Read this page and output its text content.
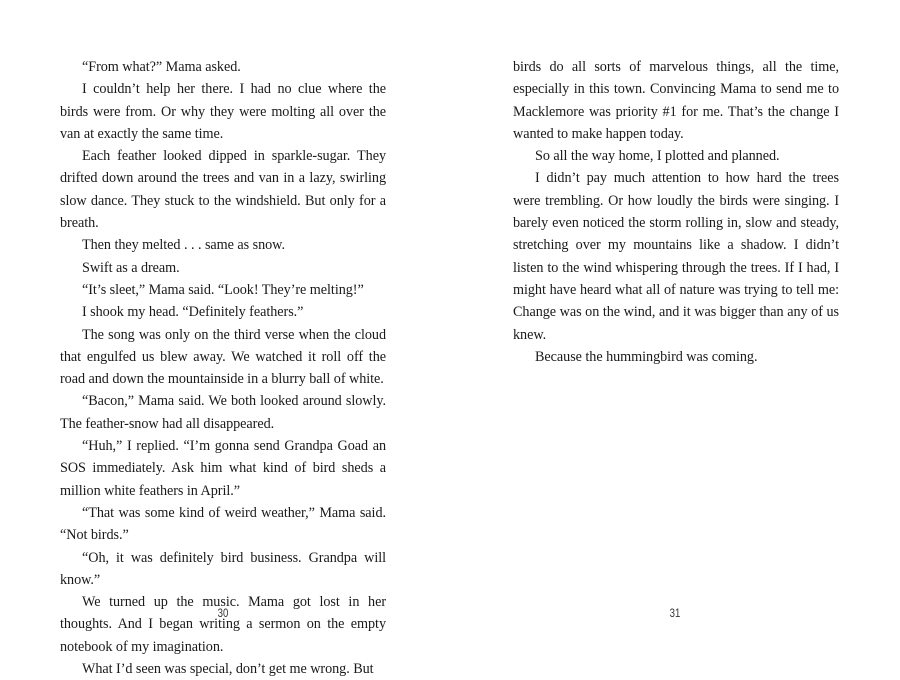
“From what?” Mama asked.

I couldn’t help her there. I had no clue where the birds were from. Or why they were molting all over the van at exactly the same time.

Each feather looked dipped in sparkle-sugar. They drifted down around the trees and van in a lazy, swirling slow dance. They stuck to the windshield. But only for a breath.

Then they melted . . . same as snow.

Swift as a dream.

“It’s sleet,” Mama said. “Look! They’re melting!”

I shook my head. “Definitely feathers.”

The song was only on the third verse when the cloud that engulfed us blew away. We watched it roll off the road and down the mountainside in a blurry ball of white.

“Bacon,” Mama said. We both looked around slowly. The feather-snow had all disappeared.

“Huh,” I replied. “I’m gonna send Grandpa Goad an SOS immediately. Ask him what kind of bird sheds a million white feathers in April.”

“That was some kind of weird weather,” Mama said. “Not birds.”

“Oh, it was definitely bird business. Grandpa will know.”

We turned up the music. Mama got lost in her thoughts. And I began writing a sermon on the empty notebook of my imagination.

What I’d seen was special, don’t get me wrong. But

30

birds do all sorts of marvelous things, all the time, especially in this town. Convincing Mama to send me to Macklemore was priority #1 for me. That’s the change I wanted to make happen today.

So all the way home, I plotted and planned.

I didn’t pay much attention to how hard the trees were trembling. Or how loudly the birds were singing. I barely even noticed the storm rolling in, slow and steady, stretching over my mountains like a shadow. I didn’t listen to the wind whispering through the trees. If I had, I might have heard what all of nature was trying to tell me: Change was on the wind, and it was bigger than any of us knew.

Because the hummingbird was coming.

31
